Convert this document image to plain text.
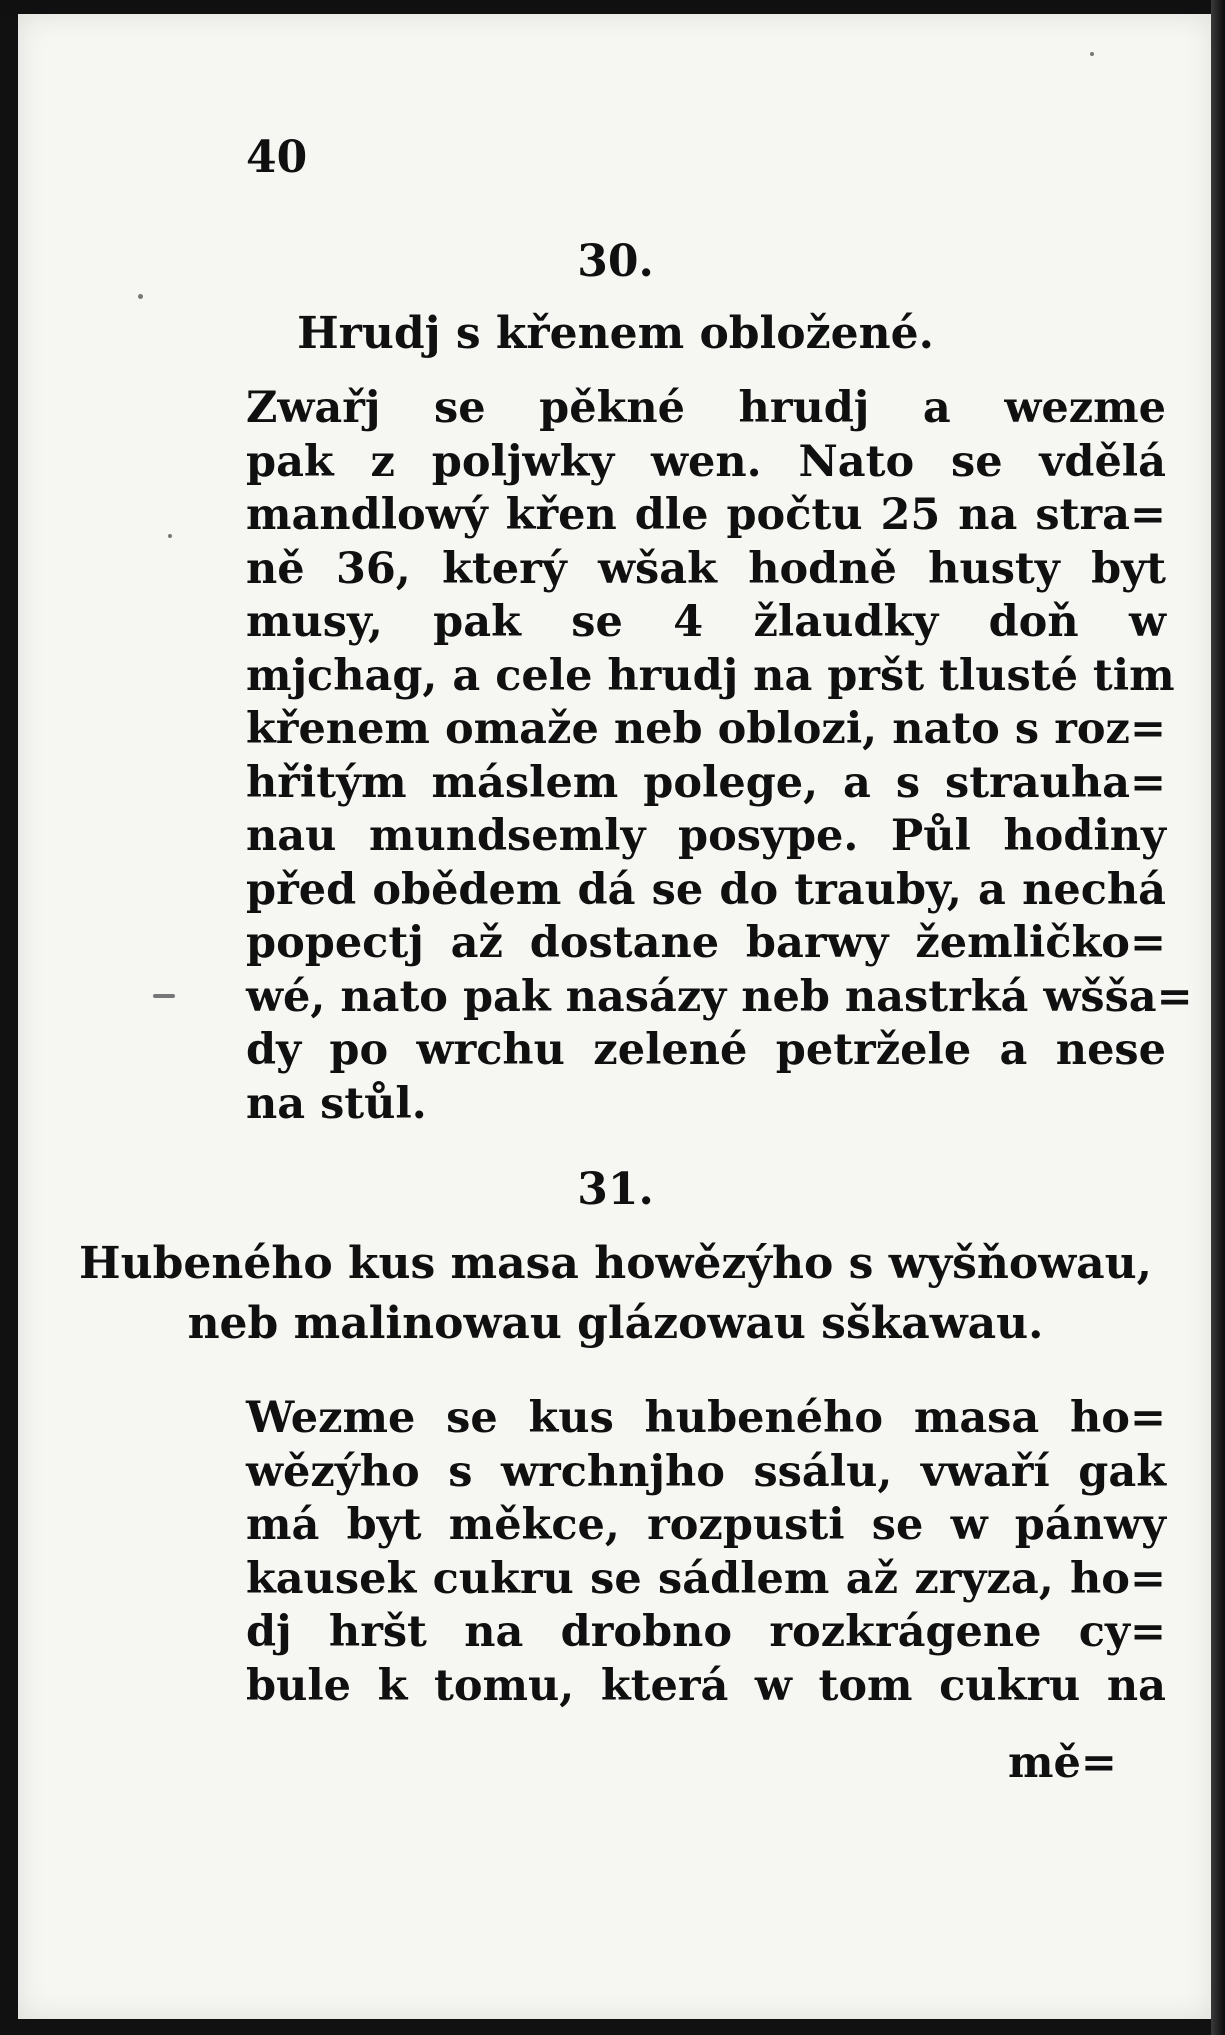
40
30.
Hrudj s křenem obložené.
Zwařj se pěkné hrudj a wezme
pak z poljwky wen. Nato se vdělá
mandlowý křen dle počtu 25 na stra=
ně 36, který wšak hodně husty byt
musy, pak se 4 žlaudky doň w
mjchag, a cele hrudj na pršt tlusté tim
křenem omaže neb oblozi, nato s roz=
hřitým máslem polege, a s strauha=
nau mundsemly posype. Půl hodiny
před obědem dá se do trauby, a nechá
popectj až dostane barwy žemličko=
wé, nato pak nasázy neb nastrká wšša=
dy po wrchu zelené petržele a nese
na stůl.
31.
Hubeného kus masa howězýho s wyšňowau,
neb malinowau glázowau sškawau.
Wezme se kus hubeného masa ho=
wězýho s wrchnjho ssálu, vwaří gak
má byt měkce, rozpusti se w pánwy
kausek cukru se sádlem až zryza, ho=
dj hršt na drobno rozkrágene cy=
bule k tomu, která w tom cukru na
mě=
